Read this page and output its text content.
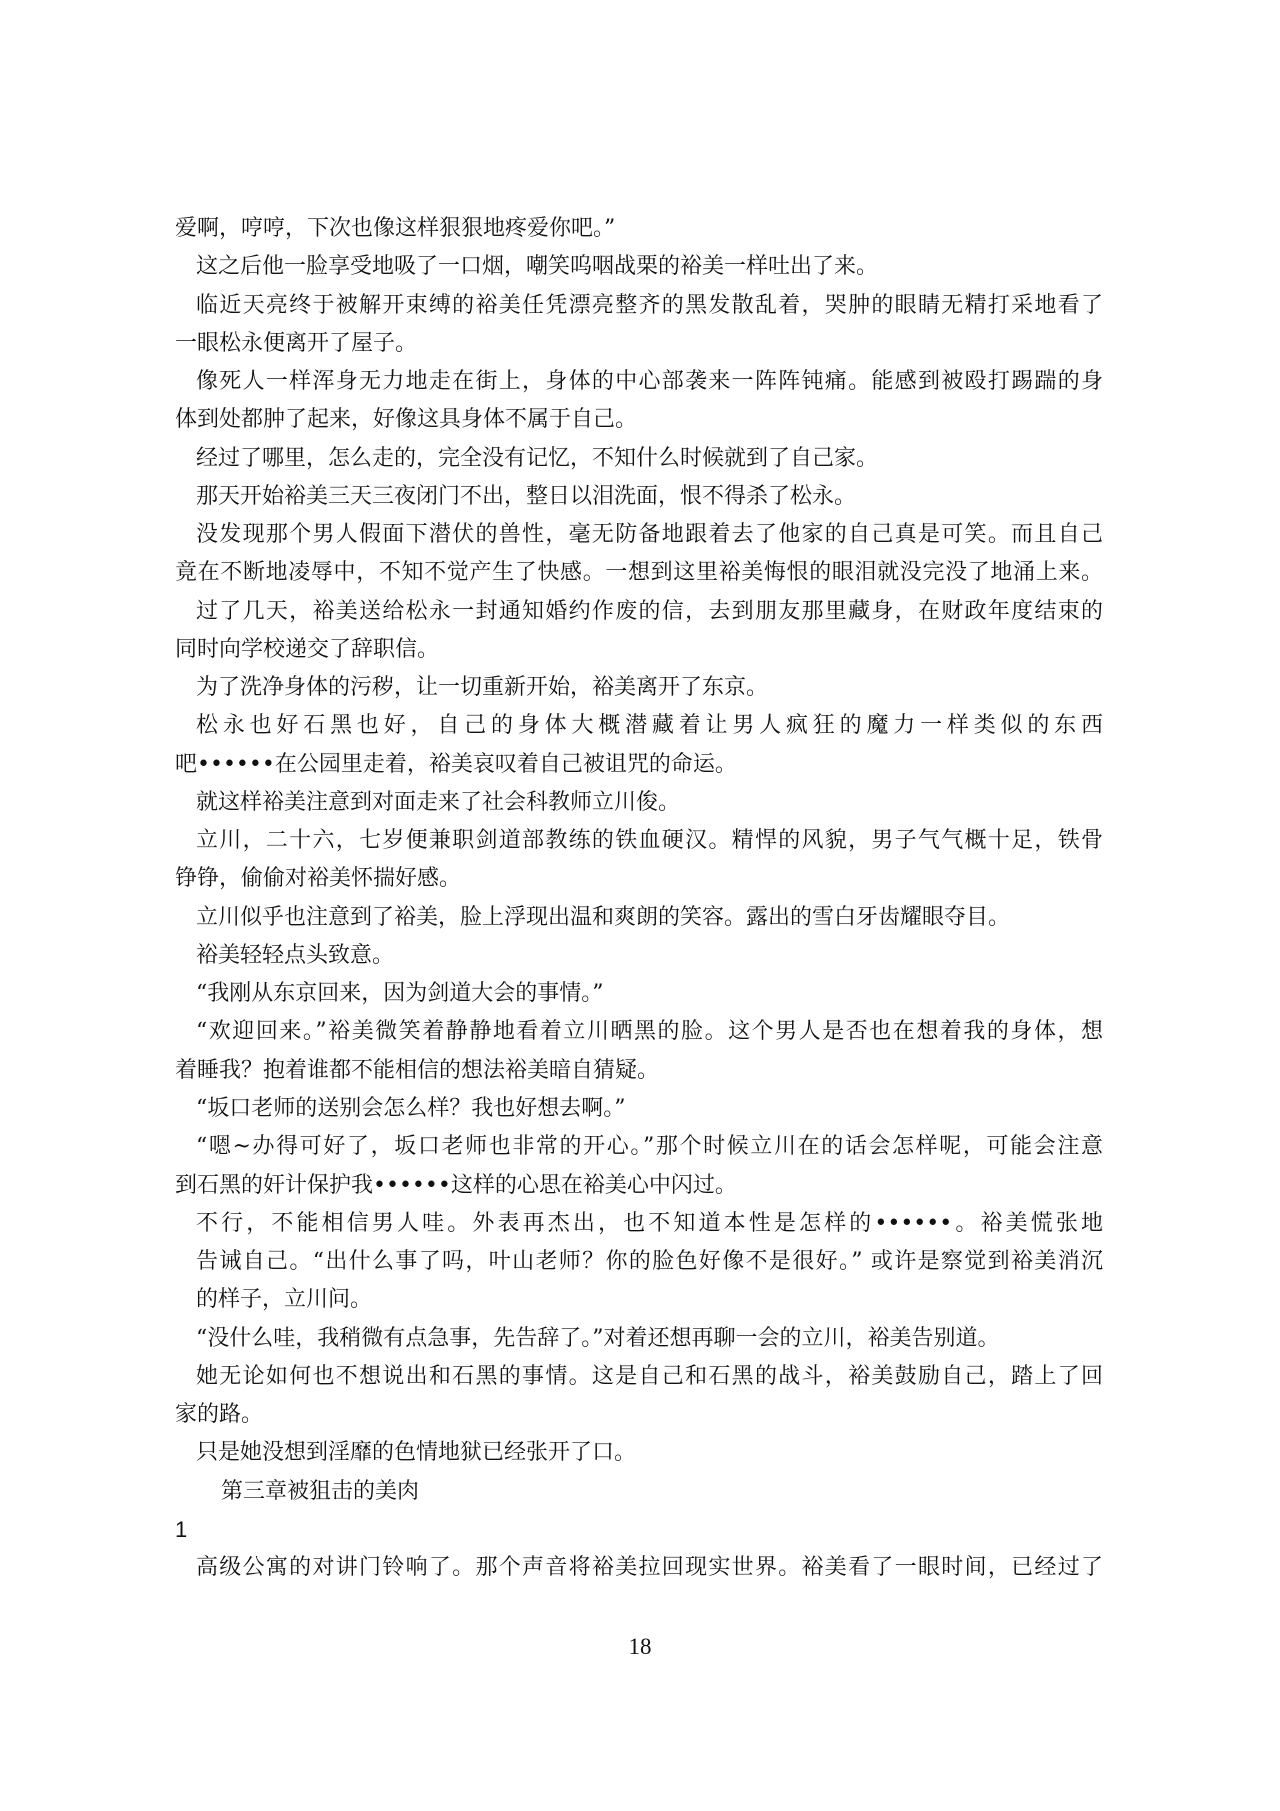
爱啊，哼哼，下次也像这样狠狠地疼爱你吧。”
这之后他一脸享受地吸了一口烟，嘲笑呜咽战栗的裕美一样吐出了来。
临近天亮终于被解开束缚的裕美任凭漂亮整齐的黑发散乱着，哭肿的眼睛无精打采地看了
一眼松永便离开了屋子。
像死人一样浑身无力地走在街上，身体的中心部袭来一阵阵钝痛。能感到被殴打踢踹的身
体到处都肿了起来，好像这具身体不属于自己。
经过了哪里，怎么走的，完全没有记忆，不知什么时候就到了自己家。
那天开始裕美三天三夜闭门不出，整日以泪洗面，恨不得杀了松永。
没发现那个男人假面下潜伏的兽性，毫无防备地跟着去了他家的自己真是可笑。而且自己
竟在不断地凌辱中，不知不觉产生了快感。一想到这里裕美悔恨的眼泪就没完没了地涌上来。
过了几天，裕美送给松永一封通知婚约作废的信，去到朋友那里藏身，在财政年度结束的
同时向学校递交了辞职信。
为了洗净身体的污秽，让一切重新开始，裕美离开了东京。
松永也好石黑也好，自己的身体大概潜藏着让男人疯狂的魔力一样类似的东西
吧••••••在公园里走着，裕美哀叹着自己被诅咒的命运。
就这样裕美注意到对面走来了社会科教师立川俊。
立川，二十六，七岁便兼职剑道部教练的铁血硬汉。精悍的风貌，男子气气概十足，铁骨
铮铮，偷偷对裕美怀揣好感。
立川似乎也注意到了裕美，脸上浮现出温和爽朗的笑容。露出的雪白牙齿耀眼夺目。
裕美轻轻点头致意。
“我刚从东京回来，因为剑道大会的事情。”
“欢迎回来。”裕美微笑着静静地看着立川晒黑的脸。这个男人是否也在想着我的身体，想
着睡我？抱着谁都不能相信的想法裕美暗自猜疑。
“坂口老师的送别会怎么样？我也好想去啊。”
“嗯~办得可好了，坂口老师也非常的开心。”那个时候立川在的话会怎样呢，可能会注意
到石黑的奸计保护我••••••这样的心思在裕美心中闪过。
不行，不能相信男人哇。外表再杰出，也不知道本性是怎样的••••••。裕美慌张地
告诫自己。“出什么事了吗，叶山老师？你的脸色好像不是很好。” 或许是察觉到裕美消沉
的样子，立川问。
“没什么哇，我稍微有点急事，先告辞了。”对着还想再聊一会的立川，裕美告别道。
她无论如何也不想说出和石黑的事情。这是自己和石黑的战斗，裕美鼓励自己，踏上了回
家的路。
只是她没想到淫靡的色情地狱已经张开了口。
第三章被狙击的美肉
1
高级公寓的对讲门铃响了。那个声音将裕美拉回现实世界。裕美看了一眼时间，已经过了
18
